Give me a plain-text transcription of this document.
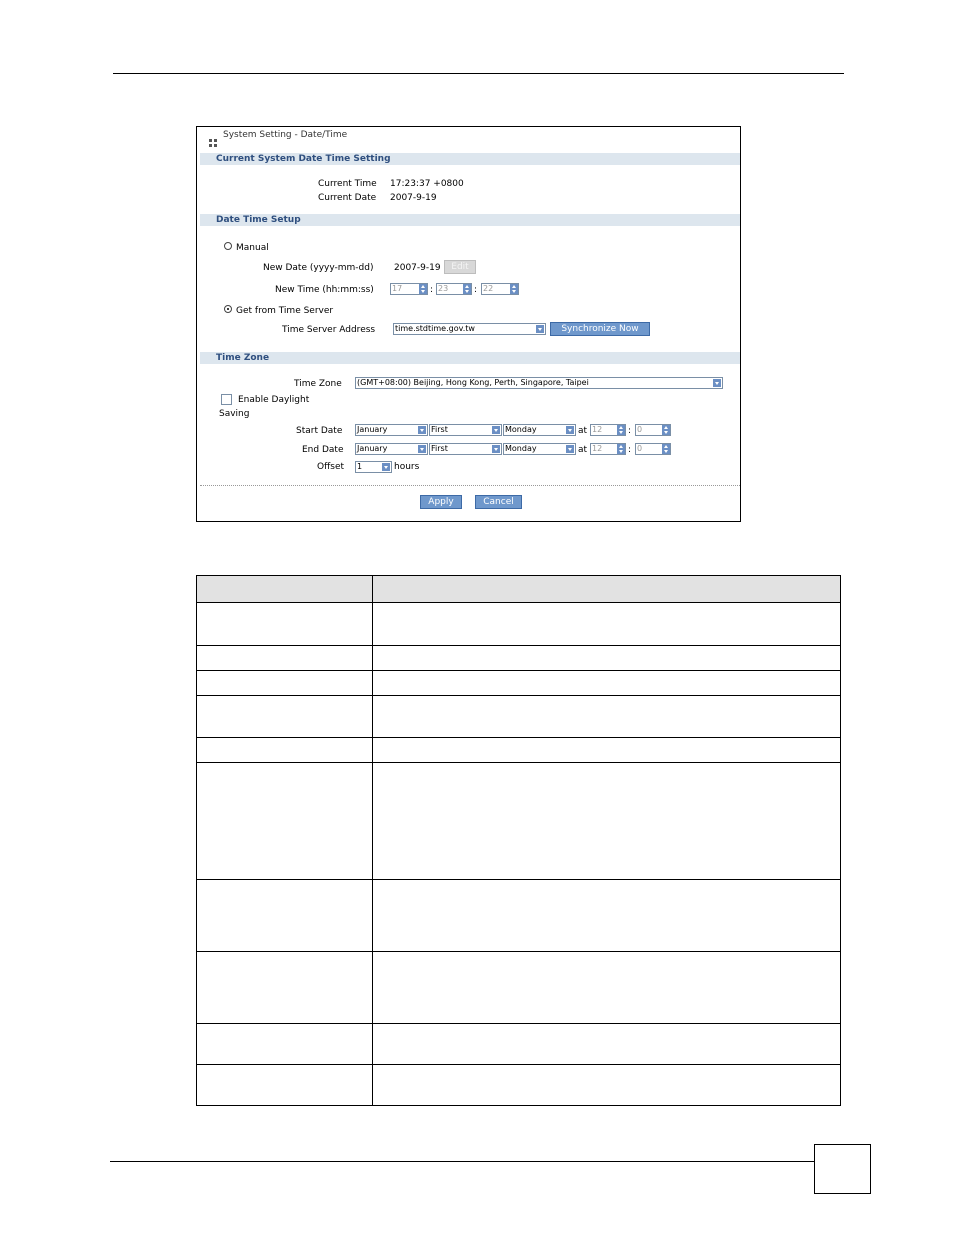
System Setting - Date/Time
Current System Date Time Setting
Current Time 17:23:37 +0800
Current Date 2007-9-19
Date Time Setup
Manual
New Date (yyyy-mm-dd) 2007-9-19	Edit
New Time (hh:mm:ss) 17	: 23	: 22
Get from Time Server
Time Server Address time.stdtime.gov.tw	Synchronize Now
Time Zone
Time Zone (GMT+08:00) Beijing, Hong Kong, Perth, Singapore, Taipei
Enable Daylight
Saving
Start Date January	First	Monday	at 12	: 0
End Date January	First	Monday	at 12	: 0
Offset 1	hours
Apply	Cancel
